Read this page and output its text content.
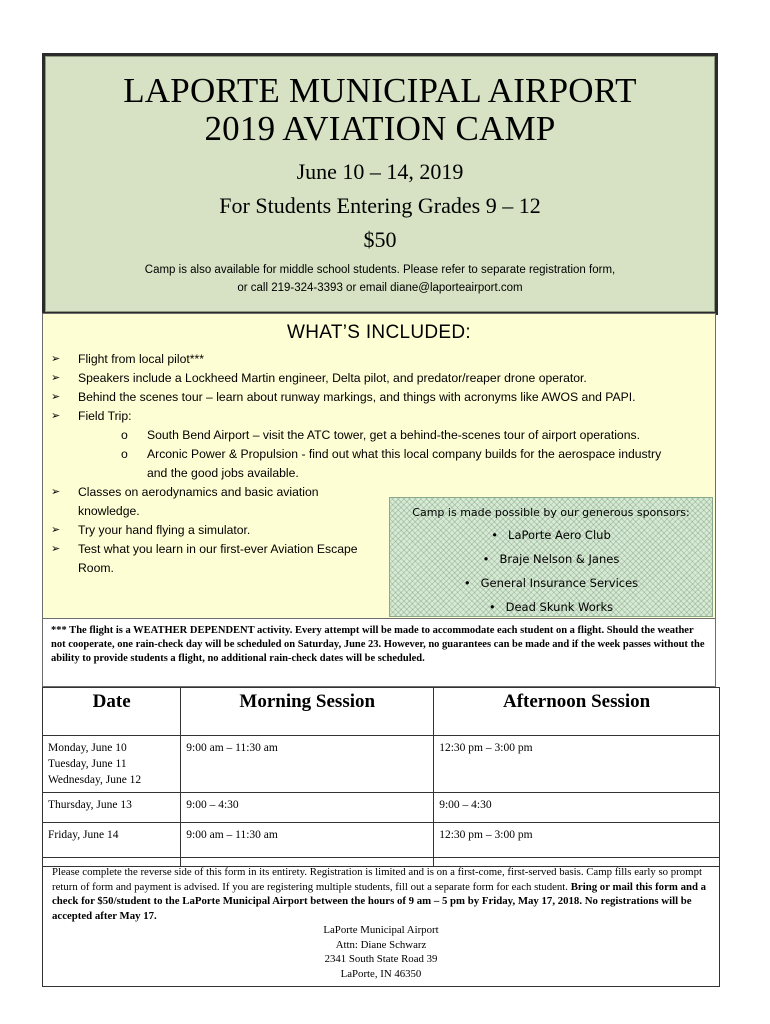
LAPORTE MUNICIPAL AIRPORT
2019 AVIATION CAMP
June 10 – 14, 2019
For Students Entering Grades 9 – 12
$50
Camp is also available for middle school students. Please refer to separate registration form,
or call 219-324-3393 or email diane@laporteairport.com
WHAT’S INCLUDED:
➢ Flight from local pilot***
➢ Speakers include a Lockheed Martin engineer, Delta pilot, and predator/reaper drone operator.
➢ Behind the scenes tour – learn about runway markings, and things with acronyms like AWOS and PAPI.
➢ Field Trip:
o South Bend Airport – visit the ATC tower, get a behind-the-scenes tour of airport operations.
o Arconic Power & Propulsion - find out what this local company builds for the aerospace industry and the good jobs available.
➢ Classes on aerodynamics and basic aviation knowledge.
➢ Try your hand flying a simulator.
➢ Test what you learn in our first-ever Aviation Escape Room.
Camp is made possible by our generous sponsors:
• LaPorte Aero Club
• Braje Nelson & Janes
• General Insurance Services
• Dead Skunk Works
*** The flight is a WEATHER DEPENDENT activity. Every attempt will be made to accommodate each student on a flight. Should the weather not cooperate, one rain-check day will be scheduled on Saturday, June 23. However, no guarantees can be made and if the week passes without the ability to provide students a flight, no additional rain-check dates will be scheduled.
Date	Morning Session	Afternoon Session

Monday, June 10
Tuesday, June 11
Wednesday, June 12	9:00 am – 11:30 am	12:30 pm – 3:00 pm

Thursday, June 13	9:00 – 4:30	9:00 – 4:30

Friday, June 14	9:00 am – 11:30 am	12:30 pm – 3:00 pm
Please complete the reverse side of this form in its entirety. Registration is limited and is on a first-come, first-served basis. Camp fills early so prompt return of form and payment is advised. If you are registering multiple students, fill out a separate form for each student. Bring or mail this form and a check for $50/student to the LaPorte Municipal Airport between the hours of 9 am – 5 pm by Friday, May 17, 2018. No registrations will be accepted after May 17.
LaPorte Municipal Airport
Attn: Diane Schwarz
2341 South State Road 39
LaPorte, IN 46350
